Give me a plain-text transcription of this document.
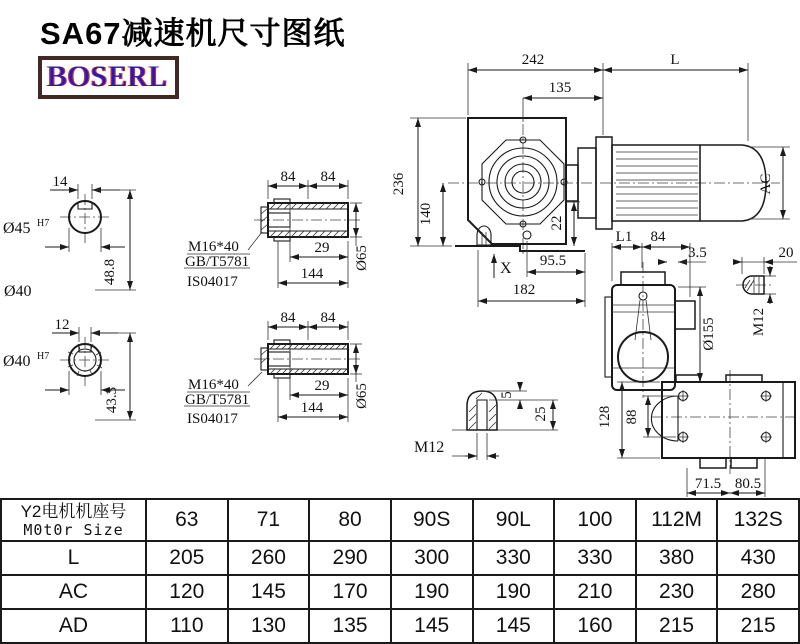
SA67减速机尺寸图纸
BOSERL
14
Ø45 H7
48.8
Ø40
12
Ø40 H7
43.3
M16*40
GB/T5781
IS04017
84 84
29
144
Ø65
M16*40
GB/T5781
IS04017
84 84
29
144 Ø65
242	L
135
236
140	22
X 95.5
182
AC
L1 84
3.5
Ø155
20
M12
128 88
71.5 80.5
5
25
M12
Y2电机机座号
M0t0r Size	63	71	80	90S	90L	100	112M	132S
L	205	260	290	300	330	330	380	430
AC	120	145	170	190	190	210	230	280
AD	110	130	135	145	145	160	215	215
